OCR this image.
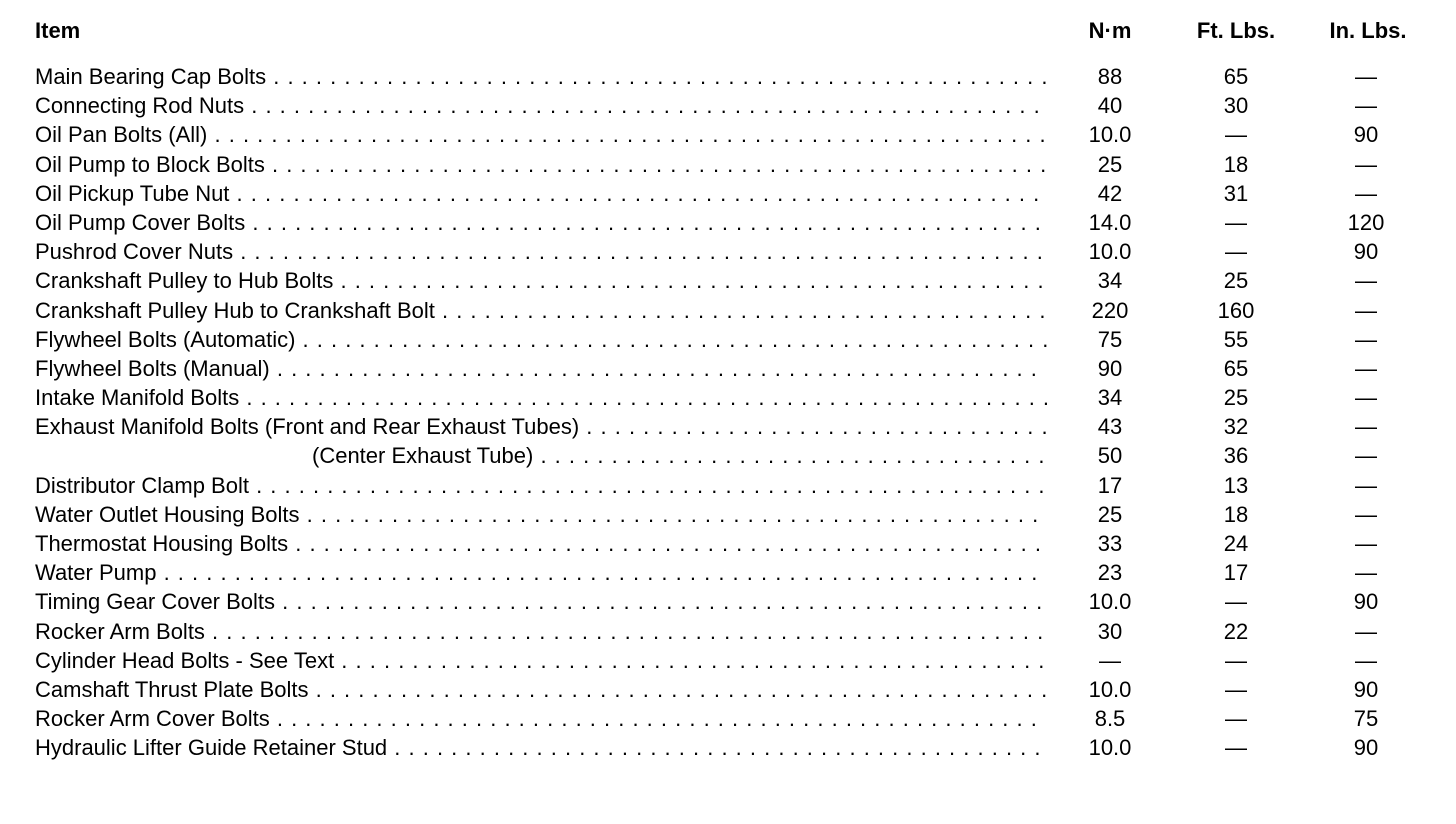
Item	N·m	Ft. Lbs.	In. Lbs.
Main Bearing Cap Bolts . . .	88	65	—
Connecting Rod Nuts . . .	40	30	—
Oil Pan Bolts (All) . . .	10.0	—	90
Oil Pump to Block Bolts . . .	25	18	—
Oil Pickup Tube Nut . . .	42	31	—
Oil Pump Cover Bolts . . .	14.0	—	120
Pushrod Cover Nuts . . .	10.0	—	90
Crankshaft Pulley to Hub Bolts . . .	34	25	—
Crankshaft Pulley Hub to Crankshaft Bolt . . .	220	160	—
Flywheel Bolts (Automatic) . . .	75	55	—
Flywheel Bolts (Manual) . . .	90	65	—
Intake Manifold Bolts . . .	34	25	—
Exhaust Manifold Bolts (Front and Rear Exhaust Tubes) . . .	43	32	—
(Center Exhaust Tube) . . .	50	36	—
Distributor Clamp Bolt . . .	17	13	—
Water Outlet Housing Bolts . . .	25	18	—
Thermostat Housing Bolts . . .	33	24	—
Water Pump . . .	23	17	—
Timing Gear Cover Bolts . . .	10.0	—	90
Rocker Arm Bolts . . .	30	22	—
Cylinder Head Bolts - See Text . . .	—	—	—
Camshaft Thrust Plate Bolts . . .	10.0	—	90
Rocker Arm Cover Bolts . . .	8.5	—	75
Hydraulic Lifter Guide Retainer Stud . . .	10.0	—	90
